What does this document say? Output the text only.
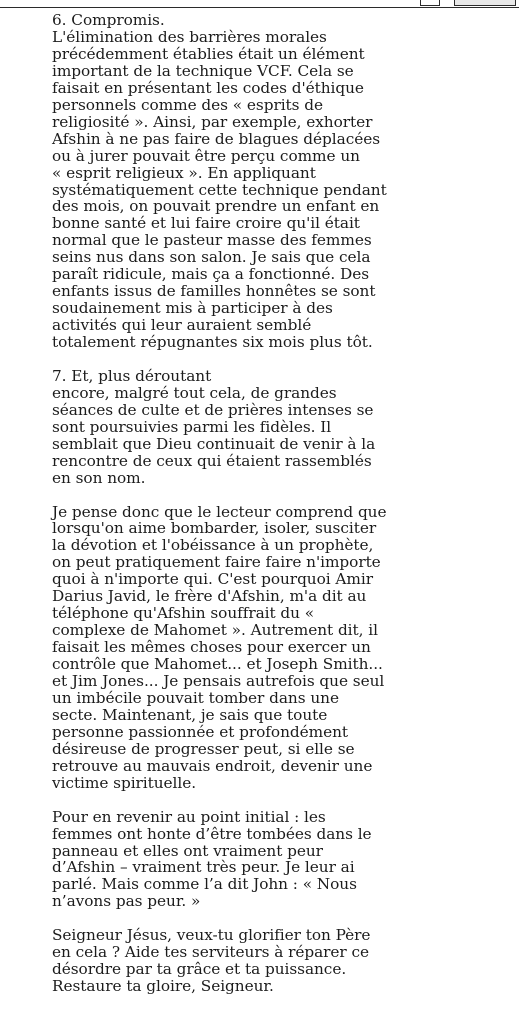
6. Compromis.
L'élimination des barrières morales
précédemment établies était un élément
important de la technique VCF. Cela se
faisait en présentant les codes d'éthique
personnels comme des « esprits de
religiosité ». Ainsi, par exemple, exhorter
Afshin à ne pas faire de blagues déplacées
ou à jurer pouvait être perçu comme un
« esprit religieux ». En appliquant
systématiquement cette technique pendant
des mois, on pouvait prendre un enfant en
bonne santé et lui faire croire qu'il était
normal que le pasteur masse des femmes
seins nus dans son salon. Je sais que cela
paraît ridicule, mais ça a fonctionné. Des
enfants issus de familles honnêtes se sont
soudainement mis à participer à des
activités qui leur auraient semblé
totalement répugnantes six mois plus tôt.

7. Et, plus déroutant
encore, malgré tout cela, de grandes
séances de culte et de prières intenses se
sont poursuivies parmi les fidèles. Il
semblait que Dieu continuait de venir à la
rencontre de ceux qui étaient rassemblés
en son nom.

Je pense donc que le lecteur comprend que
lorsqu'on aime bombarder, isoler, susciter
la dévotion et l'obéissance à un prophète,
on peut pratiquement faire faire n'importe
quoi à n'importe qui. C'est pourquoi Amir
Darius Javid, le frère d'Afshin, m'a dit au
téléphone qu'Afshin souffrait du «
complexe de Mahomet ». Autrement dit, il
faisait les mêmes choses pour exercer un
contrôle que Mahomet... et Joseph Smith...
et Jim Jones... Je pensais autrefois que seul
un imbécile pouvait tomber dans une
secte. Maintenant, je sais que toute
personne passionnée et profondément
désireuse de progresser peut, si elle se
retrouve au mauvais endroit, devenir une
victime spirituelle.

Pour en revenir au point initial : les
femmes ont honte d’être tombées dans le
panneau et elles ont vraiment peur
d’Afshin – vraiment très peur. Je leur ai
parlé. Mais comme l’a dit John : « Nous
n’avons pas peur. »

Seigneur Jésus, veux-tu glorifier ton Père
en cela ? Aide tes serviteurs à réparer ce
désordre par ta grâce et ta puissance.
Restaure ta gloire, Seigneur.
